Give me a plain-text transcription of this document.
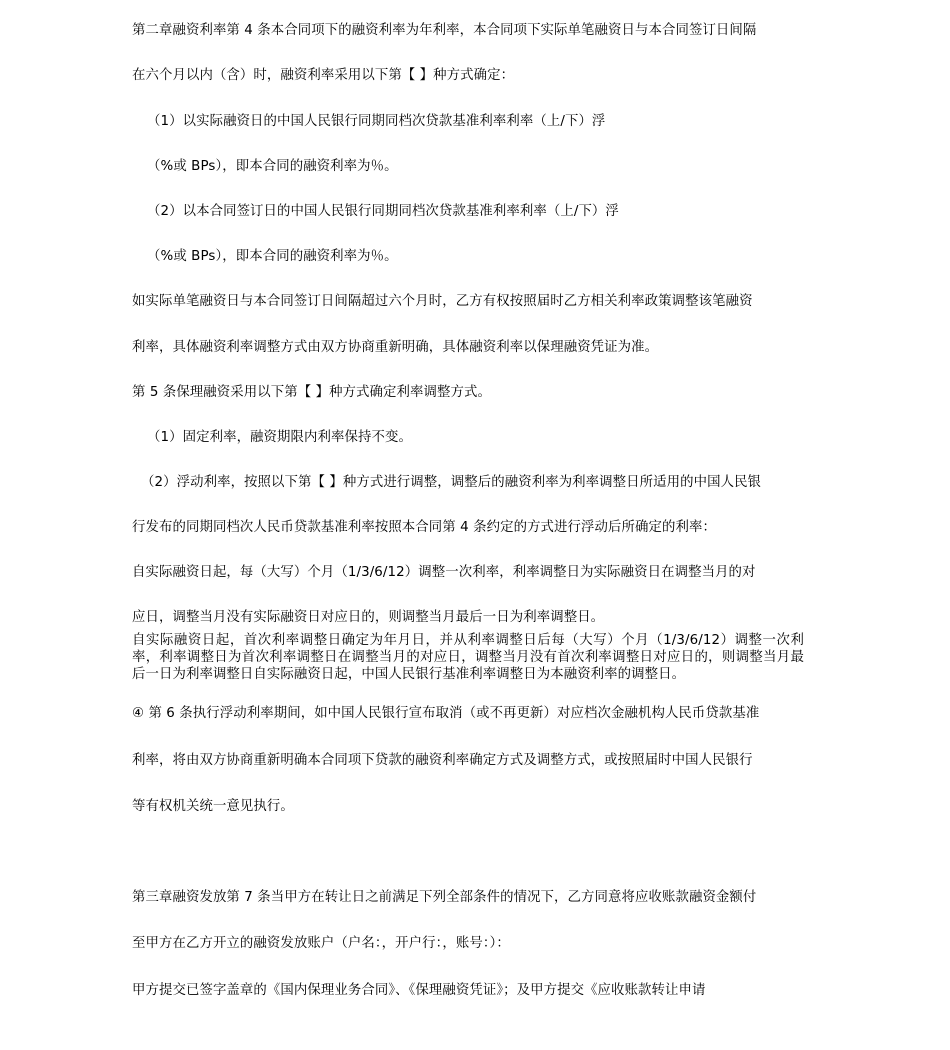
第二章融资利率第 4 条本合同项下的融资利率为年利率，本合同项下实际单笔融资日与本合同签订日间隔
在六个月以内（含）时，融资利率采用以下第【 】种方式确定：
（1）以实际融资日的中国人民银行同期同档次贷款基准利率利率（上/下）浮
（%或 BPs），即本合同的融资利率为％。
（2）以本合同签订日的中国人民银行同期同档次贷款基准利率利率（上/下）浮
（%或 BPs），即本合同的融资利率为％。
如实际单笔融资日与本合同签订日间隔超过六个月时，乙方有权按照届时乙方相关利率政策调整该笔融资
利率，具体融资利率调整方式由双方协商重新明确，具体融资利率以保理融资凭证为准。
第 5 条保理融资采用以下第【 】种方式确定利率调整方式。
（1）固定利率，融资期限内利率保持不变。
（2）浮动利率，按照以下第【 】种方式进行调整，调整后的融资利率为利率调整日所适用的中国人民银
行发布的同期同档次人民币贷款基准利率按照本合同第 4 条约定的方式进行浮动后所确定的利率：
自实际融资日起，每（大写）个月（1/3/6/12）调整一次利率，利率调整日为实际融资日在调整当月的对
应日，调整当月没有实际融资日对应日的，则调整当月最后一日为利率调整日。
自实际融资日起，首次利率调整日确定为年月日，并从利率调整日后每（大写）个月（1/3/6/12）调整一次利率，利率调整日为首次利率调整日在调整当月的对应日，调整当月没有首次利率调整日对应日的，则调整当月最后一日为利率调整日自实际融资日起，中国人民银行基准利率调整日为本融资利率的调整日。
④ 第 6 条执行浮动利率期间，如中国人民银行宣布取消（或不再更新）对应档次金融机构人民币贷款基准
利率，将由双方协商重新明确本合同项下贷款的融资利率确定方式及调整方式，或按照届时中国人民银行
等有权机关统一意见执行。
第三章融资发放第 7 条当甲方在转让日之前满足下列全部条件的情况下，乙方同意将应收账款融资金额付
至甲方在乙方开立的融资发放账户（户名：，开户行：，账号：）：
甲方提交已签字盖章的《国内保理业务合同》、《保理融资凭证》；及甲方提交《应收账款转让申请
